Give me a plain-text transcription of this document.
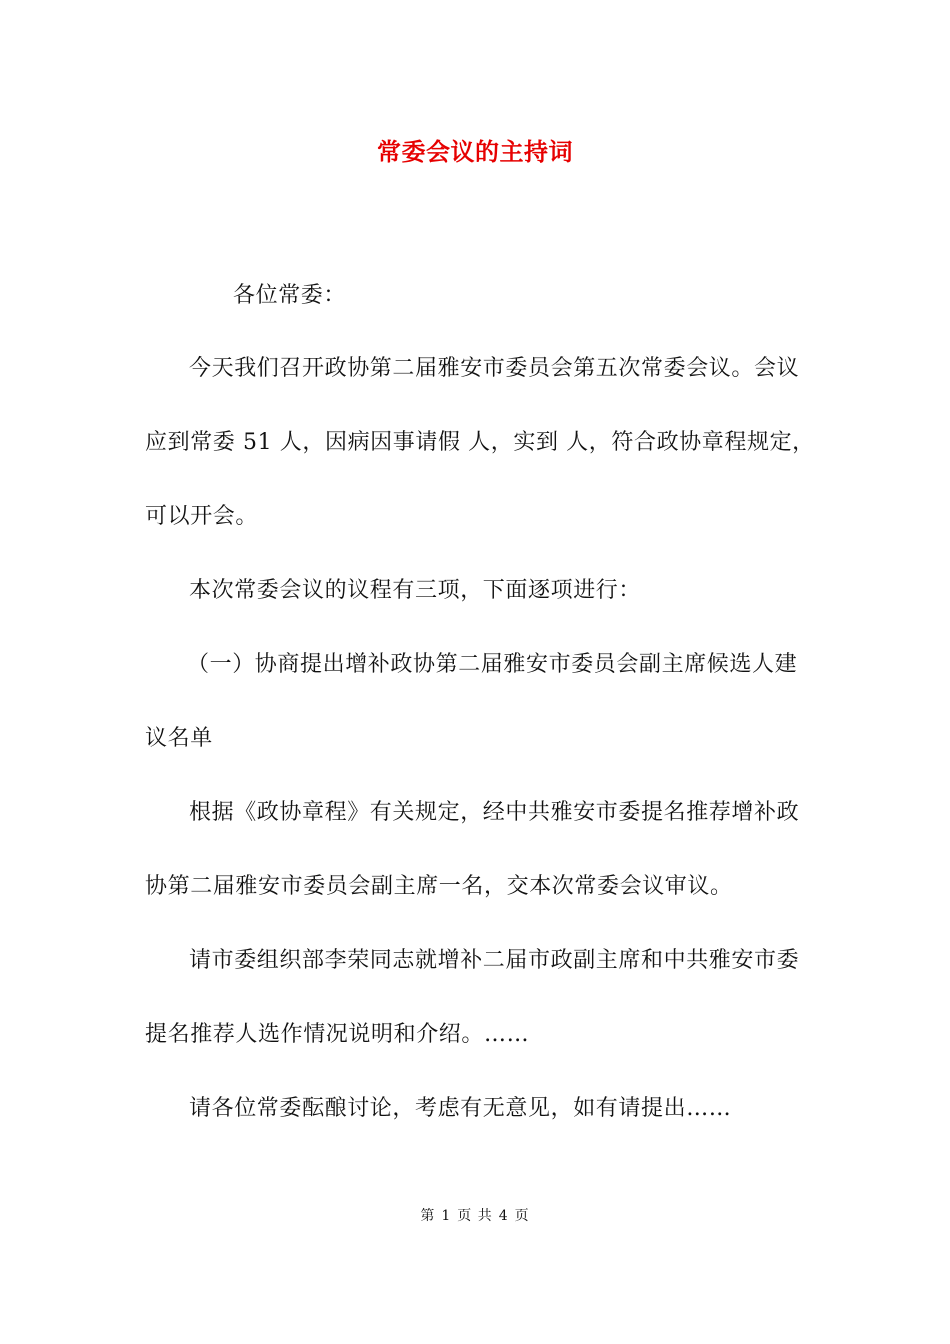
常委会议的主持词
各位常委：
今天我们召开政协第二届雅安市委员会第五次常委会议。会议
应到常委 51 人，因病因事请假 人，实到 人，符合政协章程规定，
可以开会。
本次常委会议的议程有三项，下面逐项进行：
（一）协商提出增补政协第二届雅安市委员会副主席候选人建
议名单
根据《政协章程》有关规定，经中共雅安市委提名推荐增补政
协第二届雅安市委员会副主席一名，交本次常委会议审议。
请市委组织部李荣同志就增补二届市政副主席和中共雅安市委
提名推荐人选作情况说明和介绍。……
请各位常委酝酿讨论，考虑有无意见，如有请提出……
第 1 页 共 4 页
